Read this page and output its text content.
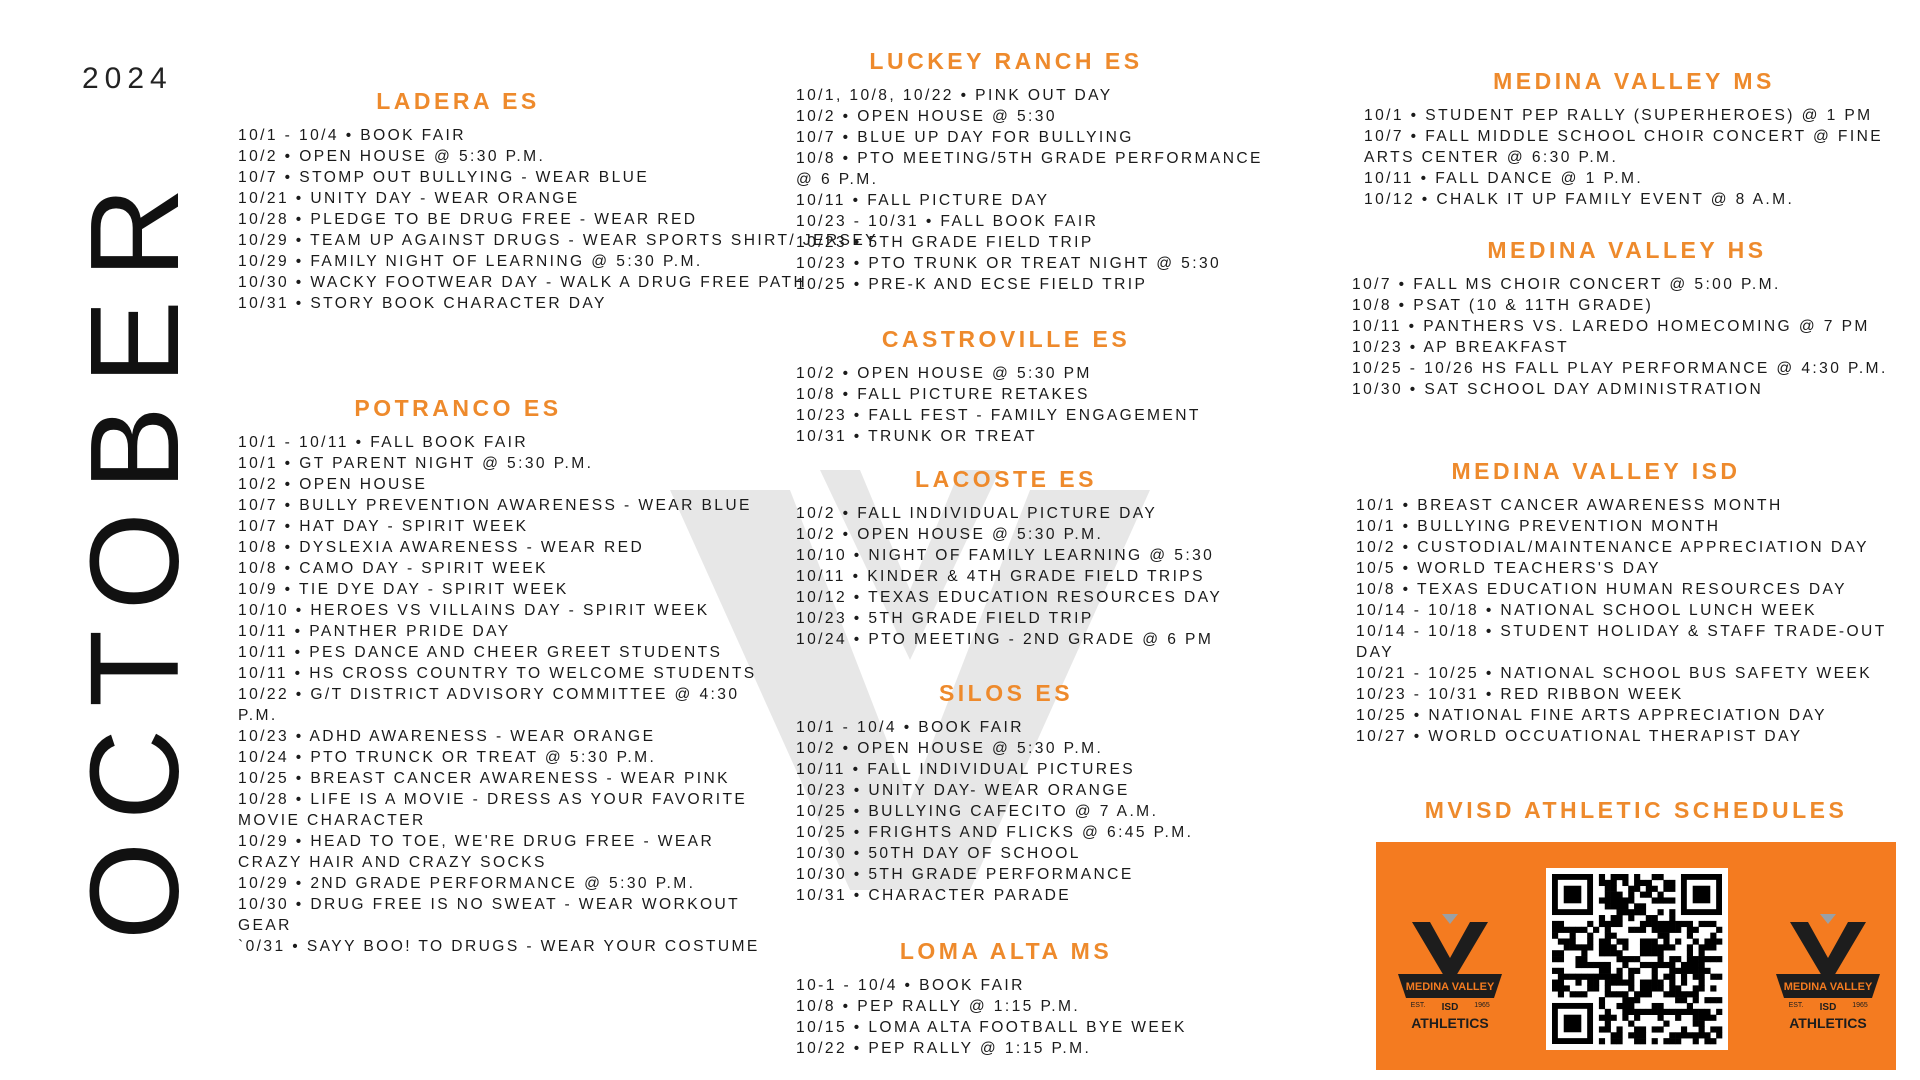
2024
OCTOBER
LADERA ES
10/1 - 10/4 • BOOK FAIR
10/2 • OPEN HOUSE @ 5:30 P.M.
10/7 • STOMP OUT BULLYING - WEAR BLUE
10/21 • UNITY DAY - WEAR ORANGE
10/28 • PLEDGE TO BE DRUG FREE - WEAR RED
10/29 • TEAM UP AGAINST DRUGS - WEAR SPORTS SHIRT/ JERSEY
10/29 • FAMILY NIGHT OF LEARNING @ 5:30 P.M.
10/30 • WACKY FOOTWEAR DAY - WALK A DRUG FREE PATH
10/31 • STORY BOOK CHARACTER DAY
POTRANCO ES
10/1 - 10/11 • FALL BOOK FAIR
10/1 • GT PARENT NIGHT @ 5:30 P.M.
10/2 • OPEN HOUSE
10/7 • BULLY PREVENTION AWARENESS - WEAR BLUE
10/7 • HAT DAY - SPIRIT WEEK
10/8 • DYSLEXIA AWARENESS - WEAR RED
10/8 • CAMO DAY - SPIRIT WEEK
10/9 • TIE DYE DAY - SPIRIT WEEK
10/10 • HEROES VS VILLAINS DAY - SPIRIT WEEK
10/11 • PANTHER PRIDE DAY
10/11 • PES DANCE AND CHEER GREET STUDENTS
10/11 • HS CROSS COUNTRY TO WELCOME STUDENTS
10/22 • G/T DISTRICT ADVISORY COMMITTEE @ 4:30 P.M.
10/23 • ADHD AWARENESS - WEAR ORANGE
10/24 • PTO TRUNCK OR TREAT @ 5:30 P.M.
10/25 • BREAST CANCER AWARENESS - WEAR PINK
10/28 • LIFE IS A MOVIE - DRESS AS YOUR FAVORITE MOVIE CHARACTER
10/29 • HEAD TO TOE, WE'RE DRUG FREE - WEAR CRAZY HAIR AND CRAZY SOCKS
10/29 • 2ND GRADE PERFORMANCE @ 5:30 P.M.
10/30 • DRUG FREE IS NO SWEAT - WEAR WORKOUT GEAR
`0/31 • SAYY BOO! TO DRUGS - WEAR YOUR COSTUME
LUCKEY RANCH ES
10/1, 10/8, 10/22 • PINK OUT DAY
10/2 • OPEN HOUSE @ 5:30
10/7 • BLUE UP DAY FOR BULLYING
10/8 • PTO MEETING/5TH GRADE PERFORMANCE @ 6 P.M.
10/11 • FALL PICTURE DAY
10/23 - 10/31 • FALL BOOK FAIR
10/23 • 5TH GRADE FIELD TRIP
10/23 • PTO TRUNK OR TREAT NIGHT @ 5:30
10/25 • PRE-K AND ECSE FIELD TRIP
CASTROVILLE ES
10/2 • OPEN HOUSE @ 5:30 PM
10/8 • FALL PICTURE RETAKES
10/23 • FALL FEST - FAMILY ENGAGEMENT
10/31 • TRUNK OR TREAT
LACOSTE ES
10/2 • FALL INDIVIDUAL PICTURE DAY
10/2 • OPEN HOUSE @ 5:30 P.M.
10/10 • NIGHT OF FAMILY LEARNING @ 5:30
10/11 • KINDER & 4TH GRADE FIELD TRIPS
10/12 • TEXAS EDUCATION RESOURCES DAY
10/23 • 5TH GRADE FIELD TRIP
10/24 • PTO MEETING - 2ND GRADE @ 6 PM
SILOS ES
10/1 - 10/4 • BOOK FAIR
10/2 • OPEN HOUSE @ 5:30 P.M.
10/11 • FALL INDIVIDUAL PICTURES
10/23 • UNITY DAY- WEAR ORANGE
10/25 • BULLYING CAFECITO @ 7 A.M.
10/25 • FRIGHTS AND FLICKS @ 6:45 P.M.
10/30 • 50TH DAY OF SCHOOL
10/30 • 5TH GRADE PERFORMANCE
10/31 • CHARACTER PARADE
LOMA ALTA MS
10-1 - 10/4 • BOOK FAIR
10/8 • PEP RALLY @ 1:15 P.M.
10/15 • LOMA ALTA FOOTBALL BYE WEEK
10/22 • PEP RALLY @ 1:15 P.M.
MEDINA VALLEY MS
10/1 • STUDENT PEP RALLY (SUPERHEROES) @ 1 PM
10/7 • FALL MIDDLE SCHOOL CHOIR CONCERT @ FINE ARTS CENTER @ 6:30 P.M.
10/11 • FALL DANCE @ 1 P.M.
10/12 • CHALK IT UP FAMILY EVENT @ 8 A.M.
MEDINA VALLEY HS
10/7 • FALL MS CHOIR CONCERT @ 5:00 P.M.
10/8 • PSAT (10 & 11TH GRADE)
10/11 • PANTHERS VS. LAREDO HOMECOMING @ 7 PM
10/23 • AP BREAKFAST
10/25 - 10/26 HS FALL PLAY PERFORMANCE @ 4:30 P.M.
10/30 • SAT SCHOOL DAY ADMINISTRATION
MEDINA VALLEY ISD
10/1 • BREAST CANCER AWARENESS MONTH
10/1 • BULLYING PREVENTION MONTH
10/2 • CUSTODIAL/MAINTENANCE APPRECIATION DAY
10/5 • WORLD TEACHERS'S DAY
10/8 • TEXAS EDUCATION HUMAN RESOURCES DAY
10/14 - 10/18 • NATIONAL SCHOOL LUNCH WEEK
10/14 - 10/18 • STUDENT HOLIDAY & STAFF TRADE-OUT DAY
10/21 - 10/25 • NATIONAL SCHOOL BUS SAFETY WEEK
10/23 - 10/31 • RED RIBBON WEEK
10/25 • NATIONAL FINE ARTS APPRECIATION DAY
10/27 • WORLD OCCUATIONAL THERAPIST DAY
MVISD ATHLETIC SCHEDULES
MEDINA VALLEY
EST. ISD 1965
ATHLETICS
MEDINA VALLEY
EST. ISD 1965
ATHLETICS
